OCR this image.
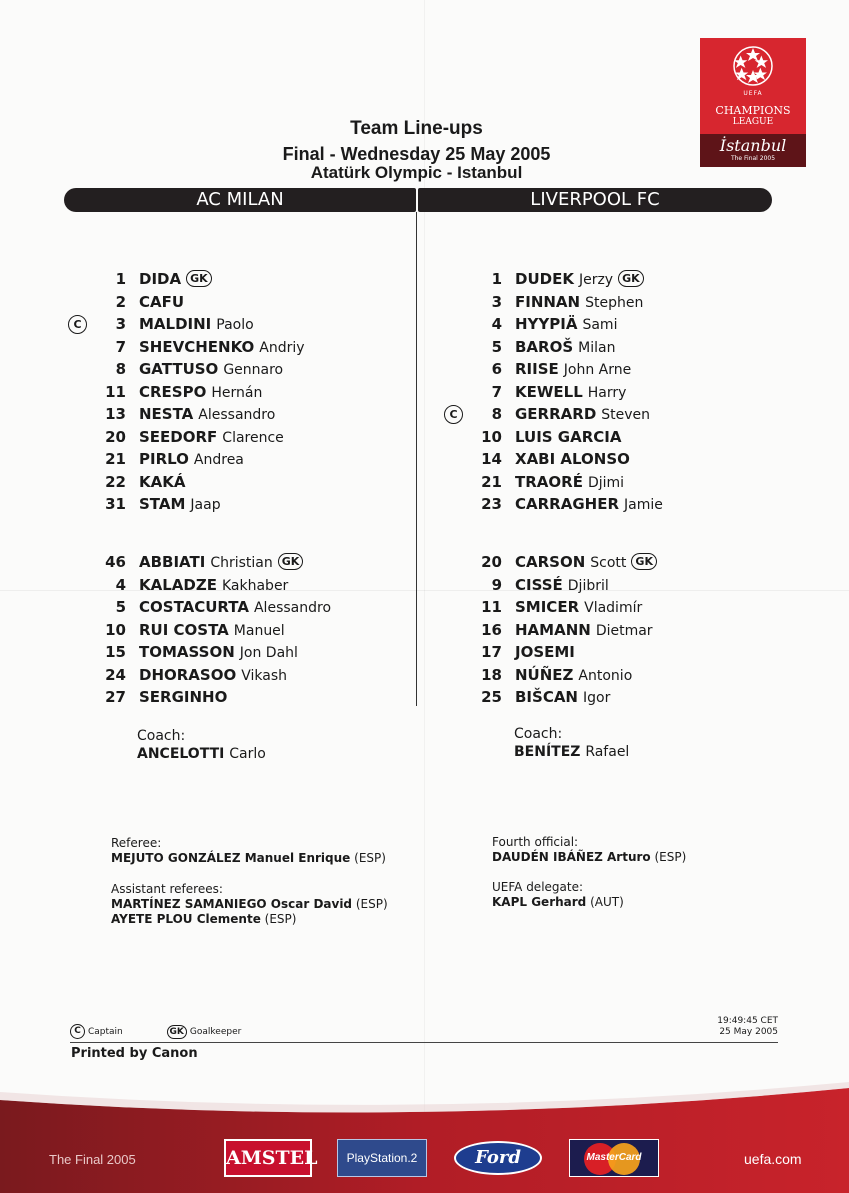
UEFA
CHAMPIONS
LEAGUE
İstanbul
The Final 2005
Team Line-ups
Final - Wednesday 25 May 2005
Atatürk Olympic - Istanbul
AC MILAN	LIVERPOOL FC
1 DIDA GK
2 CAFU
C	3 MALDINI Paolo
7 SHEVCHENKO Andriy
8 GATTUSO Gennaro
11 CRESPO Hernán
13 NESTA Alessandro
20 SEEDORF Clarence
21 PIRLO Andrea
22 KAKÁ
31 STAM Jaap
46 ABBIATI Christian GK
4 KALADZE Kakhaber
5 COSTACURTA Alessandro
10 RUI COSTA Manuel
15 TOMASSON Jon Dahl
24 DHORASOO Vikash
27 SERGINHO
1 DUDEK Jerzy GK
3 FINNAN Stephen
4 HYYPIÄ Sami
5 BAROŠ Milan
6 RIISE John Arne
7 KEWELL Harry
C	8 GERRARD Steven
10 LUIS GARCIA
14 XABI ALONSO
21 TRAORÉ Djimi
23 CARRAGHER Jamie
20 CARSON Scott GK
9 CISSÉ Djibril
11 SMICER Vladimír
16 HAMANN Dietmar
17 JOSEMI
18 NÚÑEZ Antonio
25 BIŠCAN Igor
Coach:
ANCELOTTI Carlo
Coach:
BENÍTEZ Rafael
Referee:
MEJUTO GONZÁLEZ Manuel Enrique (ESP)
Assistant referees:
MARTÍNEZ SAMANIEGO Oscar David (ESP)
AYETE PLOU Clemente (ESP)
Fourth official:
DAUDÉN IBÁÑEZ Arturo (ESP)
UEFA delegate:
KAPL Gerhard (AUT)
C Captain	GK Goalkeeper
19:49:45 CET
25 May 2005
Printed by Canon
The Final 2005	AMSTEL	PlayStation.2	Ford	MasterCard	uefa.com
